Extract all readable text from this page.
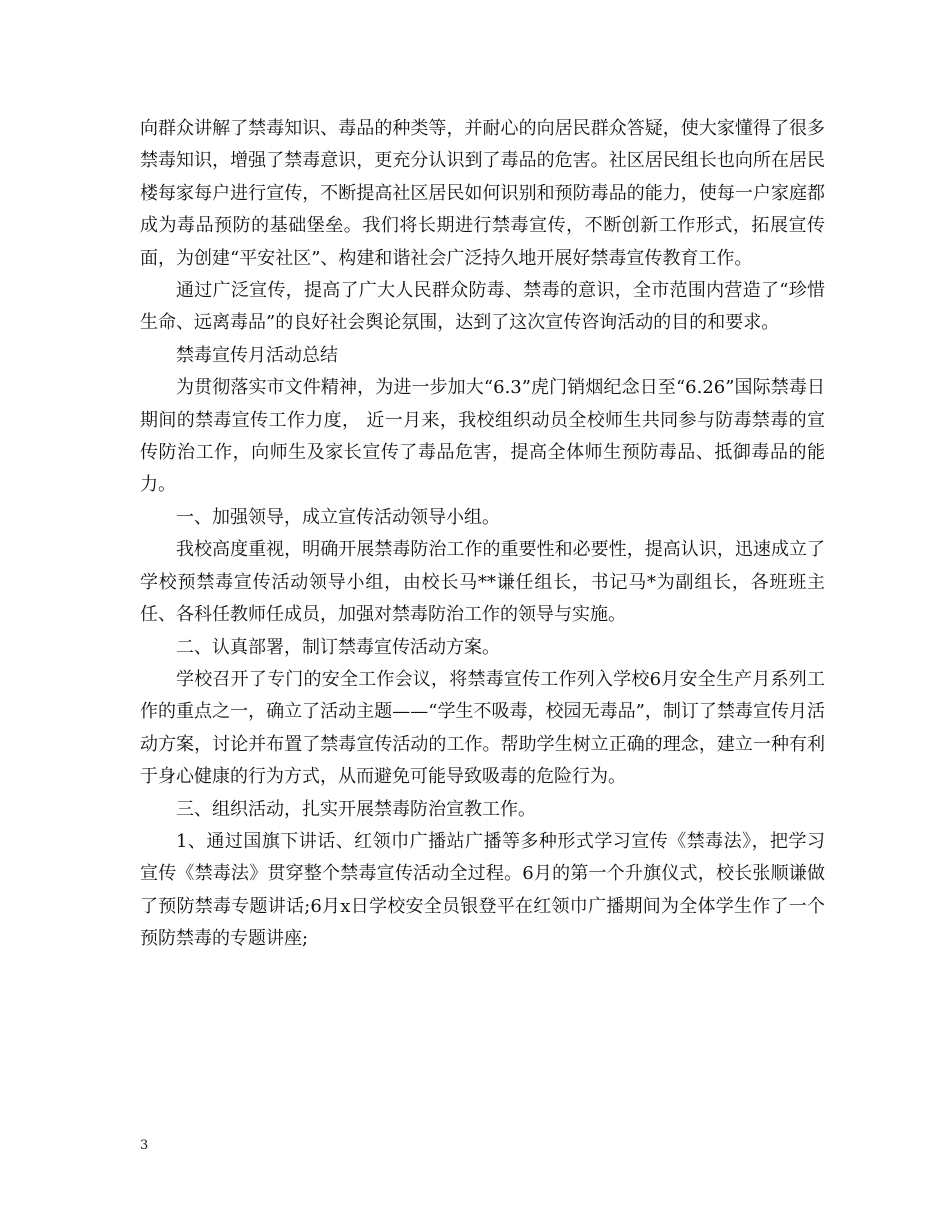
向群众讲解了禁毒知识、毒品的种类等，并耐心的向居民群众答疑，使大家懂得了很多禁毒知识，增强了禁毒意识，更充分认识到了毒品的危害。社区居民组长也向所在居民楼每家每户进行宣传，不断提高社区居民如何识别和预防毒品的能力，使每一户家庭都成为毒品预防的基础堡垒。我们将长期进行禁毒宣传，不断创新工作形式，拓展宣传面，为创建“平安社区”、构建和谐社会广泛持久地开展好禁毒宣传教育工作。

通过广泛宣传，提高了广大人民群众防毒、禁毒的意识，全市范围内营造了“珍惜生命、远离毒品”的良好社会舆论氛围，达到了这次宣传咨询活动的目的和要求。

禁毒宣传月活动总结

为贯彻落实市文件精神，为进一步加大“6.3”虎门销烟纪念日至“6.26”国际禁毒日期间的禁毒宣传工作力度， 近一月来，我校组织动员全校师生共同参与防毒禁毒的宣传防治工作，向师生及家长宣传了毒品危害，提高全体师生预防毒品、抵御毒品的能力。

一、加强领导，成立宣传活动领导小组。

我校高度重视，明确开展禁毒防治工作的重要性和必要性，提高认识，迅速成立了学校预禁毒宣传活动领导小组，由校长马**谦任组长，书记马*为副组长，各班班主任、各科任教师任成员，加强对禁毒防治工作的领导与实施。

二、认真部署，制订禁毒宣传活动方案。

学校召开了专门的安全工作会议，将禁毒宣传工作列入学校6月安全生产月系列工作的重点之一，确立了活动主题——“学生不吸毒，校园无毒品”，制订了禁毒宣传月活动方案，讨论并布置了禁毒宣传活动的工作。帮助学生树立正确的理念，建立一种有利于身心健康的行为方式，从而避免可能导致吸毒的危险行为。

三、组织活动，扎实开展禁毒防治宣教工作。

1、通过国旗下讲话、红领巾广播站广播等多种形式学习宣传《禁毒法》，把学习宣传《禁毒法》贯穿整个禁毒宣传活动全过程。6月的第一个升旗仪式，校长张顺谦做了预防禁毒专题讲话;6月x日学校安全员银登平在红领巾广播期间为全体学生作了一个预防禁毒的专题讲座;

3
